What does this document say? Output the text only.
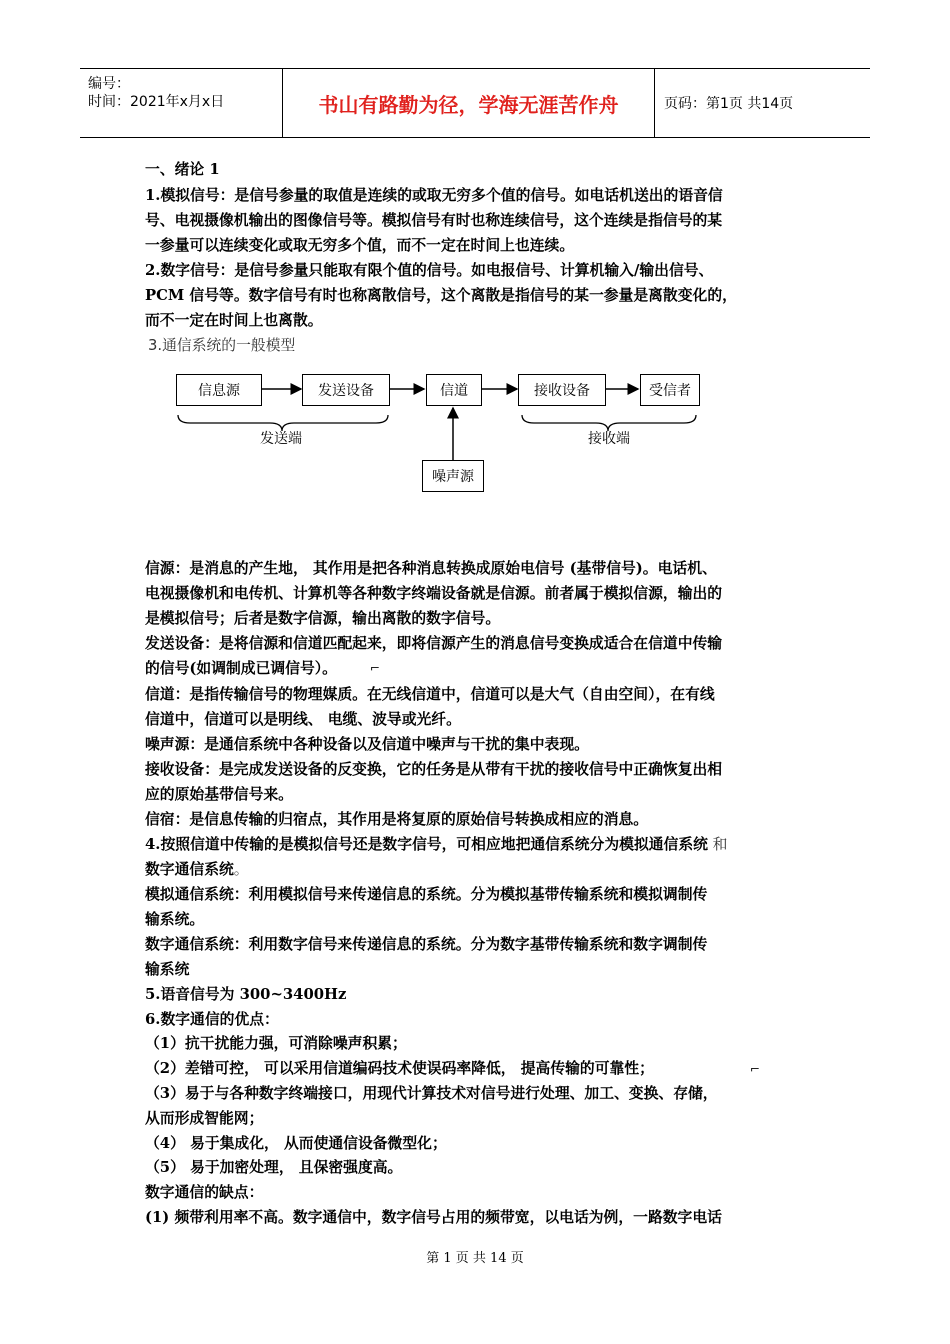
编号：
时间：2021年x月x日	书山有路勤为径，学海无涯苦作舟	页码：第1页 共14页
一、绪论 1
1.模拟信号：是信号参量的取值是连续的或取无穷多个值的信号。如电话机送出的语音信
号、电视摄像机输出的图像信号等。模拟信号有时也称连续信号，这个连续是指信号的某
一参量可以连续变化或取无穷多个值，而不一定在时间上也连续。
2.数字信号：是信号参量只能取有限个值的信号。如电报信号、计算机输入/输出信号、
PCM 信号等。数字信号有时也称离散信号，这个离散是指信号的某一参量是离散变化的，
而不一定在时间上也离散。
3.通信系统的一般模型
信息源	发送设备	信道	接收设备	受信者
噪声源
发送端	接收端
信源：是消息的产生地， 其作用是把各种消息转换成原始电信号 (基带信号)。电话机、
电视摄像机和电传机、计算机等各种数字终端设备就是信源。前者属于模拟信源，输出的
是模拟信号；后者是数字信源，输出离散的数字信号。
发送设备：是将信源和信道匹配起来，即将信源产生的消息信号变换成适合在信道中传输
的信号(如调制成已调信号）。	⌐
信道：是指传输信号的物理媒质。在无线信道中，信道可以是大气（自由空间），在有线
信道中，信道可以是明线、 电缆、波导或光纤。
噪声源：是通信系统中各种设备以及信道中噪声与干扰的集中表现。
接收设备：是完成发送设备的反变换，它的任务是从带有干扰的接收信号中正确恢复出相
应的原始基带信号来。
信宿：是信息传输的归宿点，其作用是将复原的原始信号转换成相应的消息。
4.按照信道中传输的是模拟信号还是数字信号，可相应地把通信系统分为模拟通信系统 和
数字通信系统。
模拟通信系统：利用模拟信号来传递信息的系统。分为模拟基带传输系统和模拟调制传
输系统。
数字通信系统：利用数字信号来传递信息的系统。分为数字基带传输系统和数字调制传
输系统
5.语音信号为 300~3400Hz
6.数字通信的优点：
（1）抗干扰能力强，可消除噪声积累；
（2）差错可控， 可以采用信道编码技术使误码率降低， 提高传输的可靠性；	⌐
（3）易于与各种数字终端接口，用现代计算技术对信号进行处理、加工、变换、存储，
从而形成智能网；
（4） 易于集成化， 从而使通信设备微型化；
（5） 易于加密处理， 且保密强度高。
数字通信的缺点：
(1) 频带利用率不高。数字通信中，数字信号占用的频带宽，以电话为例，一路数字电话
第 1 页 共 14 页
